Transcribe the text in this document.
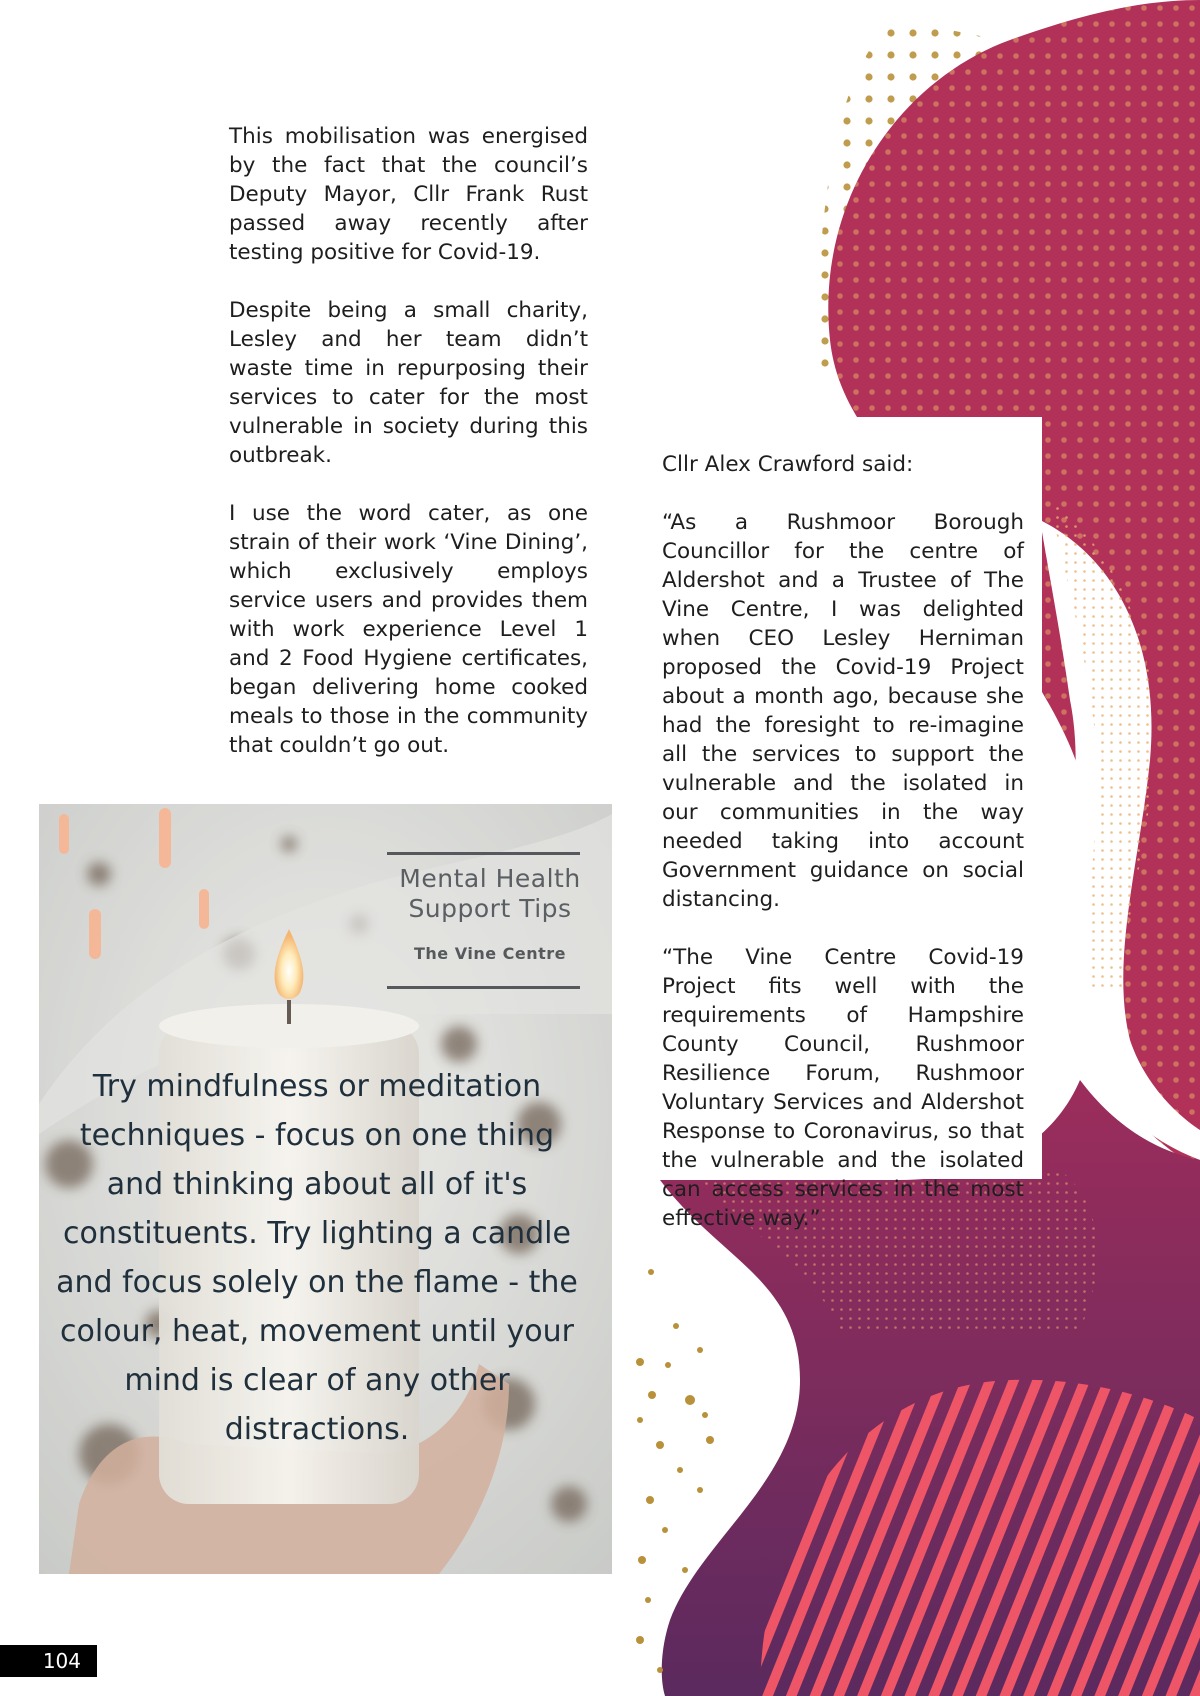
This mobilisation was energised by the fact that the council’s Deputy Mayor, Cllr Frank Rust passed away recently after testing positive for Covid-19.

Despite being a small charity, Lesley and her team didn’t waste time in repurposing their services to cater for the most vulnerable in society during this outbreak.

I use the word cater, as one strain of their work ‘Vine Dining’, which exclusively employs service users and provides them with work experience Level 1 and 2 Food Hygiene certificates, began delivering home cooked meals to those in the community that couldn’t go out.

Cllr Alex Crawford said:

“As a Rushmoor Borough Councillor for the centre of Aldershot and a Trustee of The Vine Centre, I was delighted when CEO Lesley Herniman proposed the Covid-19 Project about a month ago, because she had the foresight to re-imagine all the services to support the vulnerable and the isolated in our communities in the way needed taking into account Government guidance on social distancing.

“The Vine Centre Covid-19 Project fits well with the requirements of Hampshire County Council, Rushmoor Resilience Forum, Rushmoor Voluntary Services and Aldershot Response to Coronavirus, so that the vulnerable and the isolated can access services in the most effective way.”

Mental Health Support Tips
The Vine Centre
Try mindfulness or meditation techniques - focus on one thing and thinking about all of it's constituents. Try lighting a candle and focus solely on the flame - the colour, heat, movement until your mind is clear of any other distractions.
104
